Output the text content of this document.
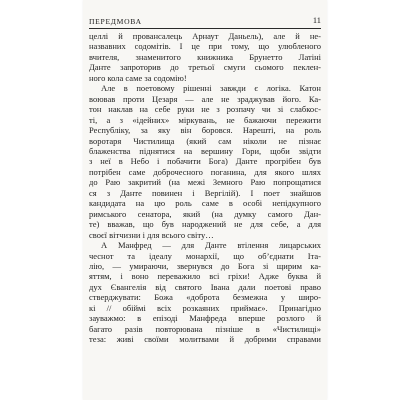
ПЕРЕДМОВА	11
целлі й провансалець Арнаут Даньель), але й не-
назвавних содомітів. І це при тому, що улюбленого
вчителя, знаменитого книжника Брунетто Латіні
Данте запроторив до третьої смуги сьомого пеклен-
ного кола саме за содомію!
Але в поетовому рішенні завжди є логіка. Катон
воював проти Цезаря — але не зраджував його. Ка-
тон наклав на себе руки не з розпачу чи зі слабкос-
ті, а з «ідейних» міркувань, не бажаючи пережити
Республіку, за яку він боровся. Нарешті, на роль
воротаря Чистилища (який сам ніколи не пізнає
блаженства піднятися на вершину Гори, щоби звідти
з неї в Небо і побачити Бога) Данте прогрібен був
потрібен саме доброчесного поганина, для якого шлях
до Раю закритий (на межі Земного Раю попрощатися
ся з Данте повинен і Вергілій). І поет знайшов
кандидата на цю роль саме в особі непідкупного
римського сенатора, який (на думку самого Дан-
те) вважав, що був народжений не для себе, а для
своєї вітчизни і для всього світу…
А Манфред — для Данте втілення лицарських
чеснот та ідеалу монархії, що об’єднати Іта-
лію, — умираючи, звернувся до Бога зі щирим ка-
яттям, і воно переважило всі гріхи! Адже буква й
дух Євангелія від святого Івана дали поетові право
стверджувати: Божа «доброта безмежна у широ-
кі // обіймі всіх розкаяних приймає». Принагідно
зауважмо: в епізоді Манфреда вперше розлого й
багато разів повторювана пізніше в «Чистилищі»
теза: живі своїми молитвами й добрими справами
